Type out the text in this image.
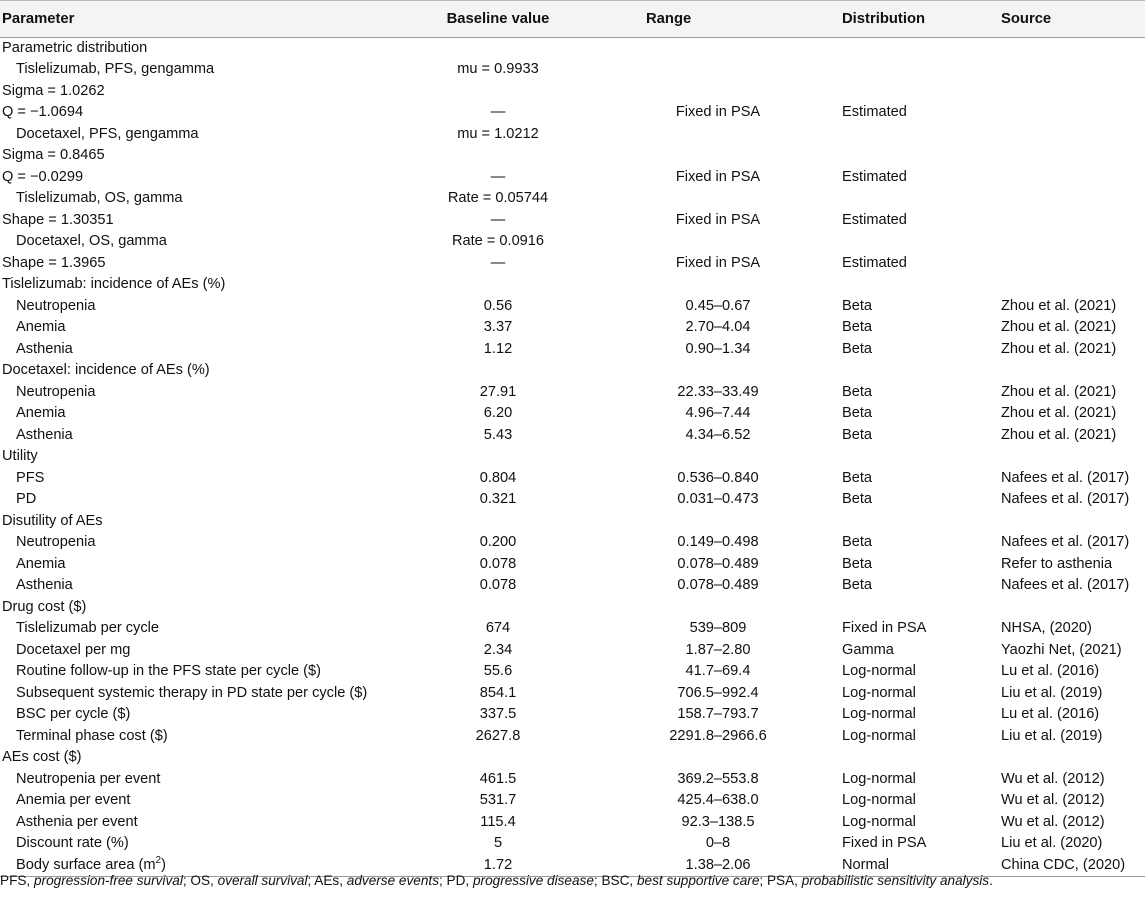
Parameter	Baseline value	Range	Distribution	Source
Parametric distribution				
Tislelizumab, PFS, gengamma	mu = 0.9933			
Sigma = 1.0262				
Q = −1.0694	—	Fixed in PSA	Estimated	
Docetaxel, PFS, gengamma	mu = 1.0212			
Sigma = 0.8465				
Q = −0.0299	—	Fixed in PSA	Estimated	
Tislelizumab, OS, gamma	Rate = 0.05744			
Shape = 1.30351	—	Fixed in PSA	Estimated	
Docetaxel, OS, gamma	Rate = 0.0916			
Shape = 1.3965	—	Fixed in PSA	Estimated	
Tislelizumab: incidence of AEs (%)				
Neutropenia	0.56	0.45–0.67	Beta	Zhou et al. (2021)
Anemia	3.37	2.70–4.04	Beta	Zhou et al. (2021)
Asthenia	1.12	0.90–1.34	Beta	Zhou et al. (2021)
Docetaxel: incidence of AEs (%)				
Neutropenia	27.91	22.33–33.49	Beta	Zhou et al. (2021)
Anemia	6.20	4.96–7.44	Beta	Zhou et al. (2021)
Asthenia	5.43	4.34–6.52	Beta	Zhou et al. (2021)
Utility				
PFS	0.804	0.536–0.840	Beta	Nafees et al. (2017)
PD	0.321	0.031–0.473	Beta	Nafees et al. (2017)
Disutility of AEs				
Neutropenia	0.200	0.149–0.498	Beta	Nafees et al. (2017)
Anemia	0.078	0.078–0.489	Beta	Refer to asthenia
Asthenia	0.078	0.078–0.489	Beta	Nafees et al. (2017)
Drug cost ($)				
Tislelizumab per cycle	674	539–809	Fixed in PSA	NHSA, (2020)
Docetaxel per mg	2.34	1.87–2.80	Gamma	Yaozhi Net, (2021)
Routine follow-up in the PFS state per cycle ($)	55.6	41.7–69.4	Log-normal	Lu et al. (2016)
Subsequent systemic therapy in PD state per cycle ($)	854.1	706.5–992.4	Log-normal	Liu et al. (2019)
BSC per cycle ($)	337.5	158.7–793.7	Log-normal	Lu et al. (2016)
Terminal phase cost ($)	2627.8	2291.8–2966.6	Log-normal	Liu et al. (2019)
AEs cost ($)				
Neutropenia per event	461.5	369.2–553.8	Log-normal	Wu et al. (2012)
Anemia per event	531.7	425.4–638.0	Log-normal	Wu et al. (2012)
Asthenia per event	115.4	92.3–138.5	Log-normal	Wu et al. (2012)
Discount rate (%)	5	0–8	Fixed in PSA	Liu et al. (2020)
Body surface area $(m^2)$	1.72	1.38–2.06	Normal	China CDC, (2020)
PFS, progression-free survival; OS, overall survival; AEs, adverse events; PD, progressive disease; BSC, best supportive care; PSA, probabilistic sensitivity analysis.
